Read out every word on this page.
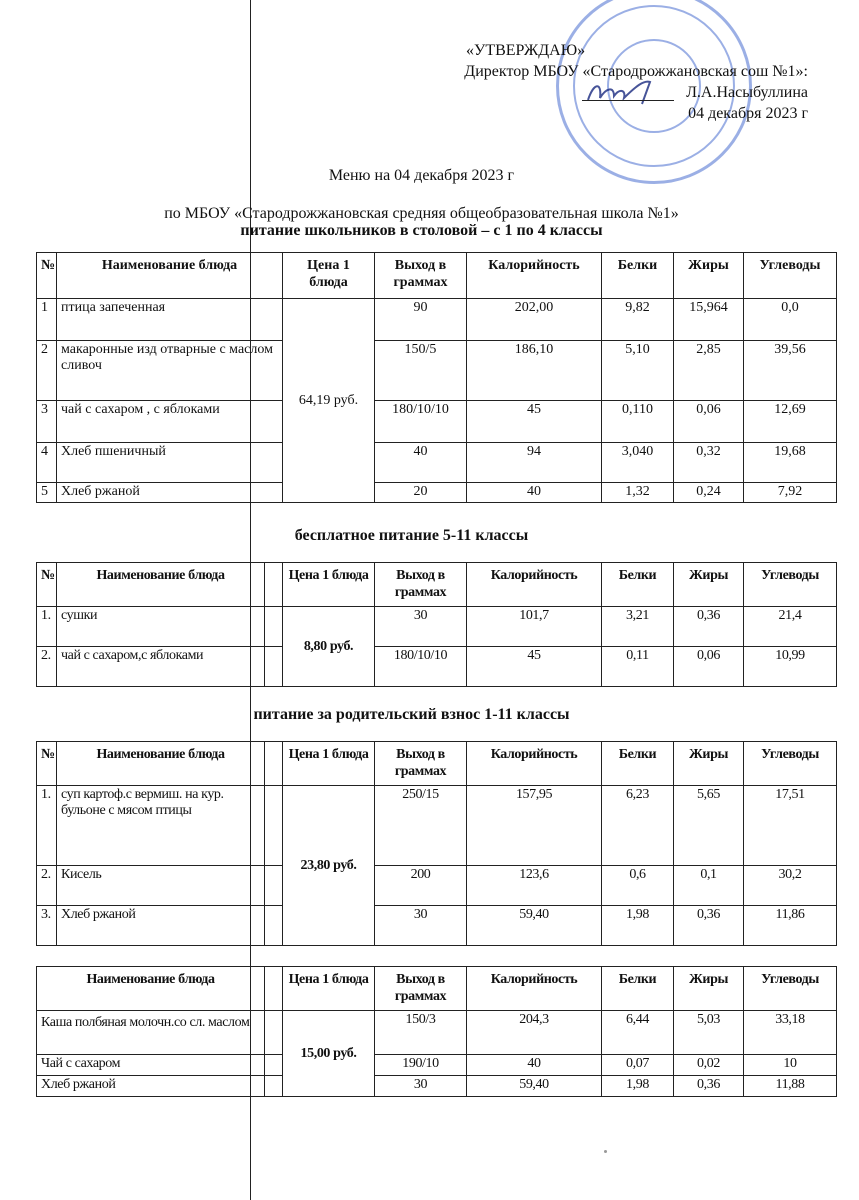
«УТВЕРЖДАЮ»
Директор МБОУ «Стародрожжановская сош №1»:
Л.А.Насыбуллина
04 декабря 2023 г
Меню на 04 декабря 2023 г
по МБОУ «Стародрожжановская средняя общеобразовательная школа №1»
питание школьников в столовой – с 1 по 4 классы
№	Наименование блюда	Цена 1 блюда	Выход в граммах	Калорийность	Белки	Жиры	Углеводы
1	птица запеченная	64,19 руб.	90	202,00	9,82	15,964	0,0
2	макаронные изд отварные с маслом сливоч		150/5	186,10	5,10	2,85	39,56
3	чай с сахаром , с яблоками		180/10/10	45	0,110	0,06	12,69
4	Хлеб пшеничный		40	94	3,040	0,32	19,68
5	Хлеб ржаной		20	40	1,32	0,24	7,92
бесплатное питание 5-11 классы
№	Наименование блюда		Цена 1 блюда	Выход в граммах	Калорийность	Белки	Жиры	Углеводы
1.	сушки		8,80 руб.	30	101,7	3,21	0,36	21,4
2.	чай с сахаром,с яблоками			180/10/10	45	0,11	0,06	10,99
питание за родительский взнос 1-11 классы
№	Наименование блюда		Цена 1 блюда	Выход в граммах	Калорийность	Белки	Жиры	Углеводы
1.	суп картоф.с вермиш. на кур. бульоне с мясом птицы		23,80 руб.	250/15	157,95	6,23	5,65	17,51
2.	Кисель			200	123,6	0,6	0,1	30,2
3.	Хлеб ржаной			30	59,40	1,98	0,36	11,86
Наименование блюда		Цена 1 блюда	Выход в граммах	Калорийность	Белки	Жиры	Углеводы
Каша полбяная молочн.со сл. маслом		15,00 руб.	150/3	204,3	6,44	5,03	33,18
Чай с сахаром			190/10	40	0,07	0,02	10
Хлеб ржаной			30	59,40	1,98	0,36	11,88
